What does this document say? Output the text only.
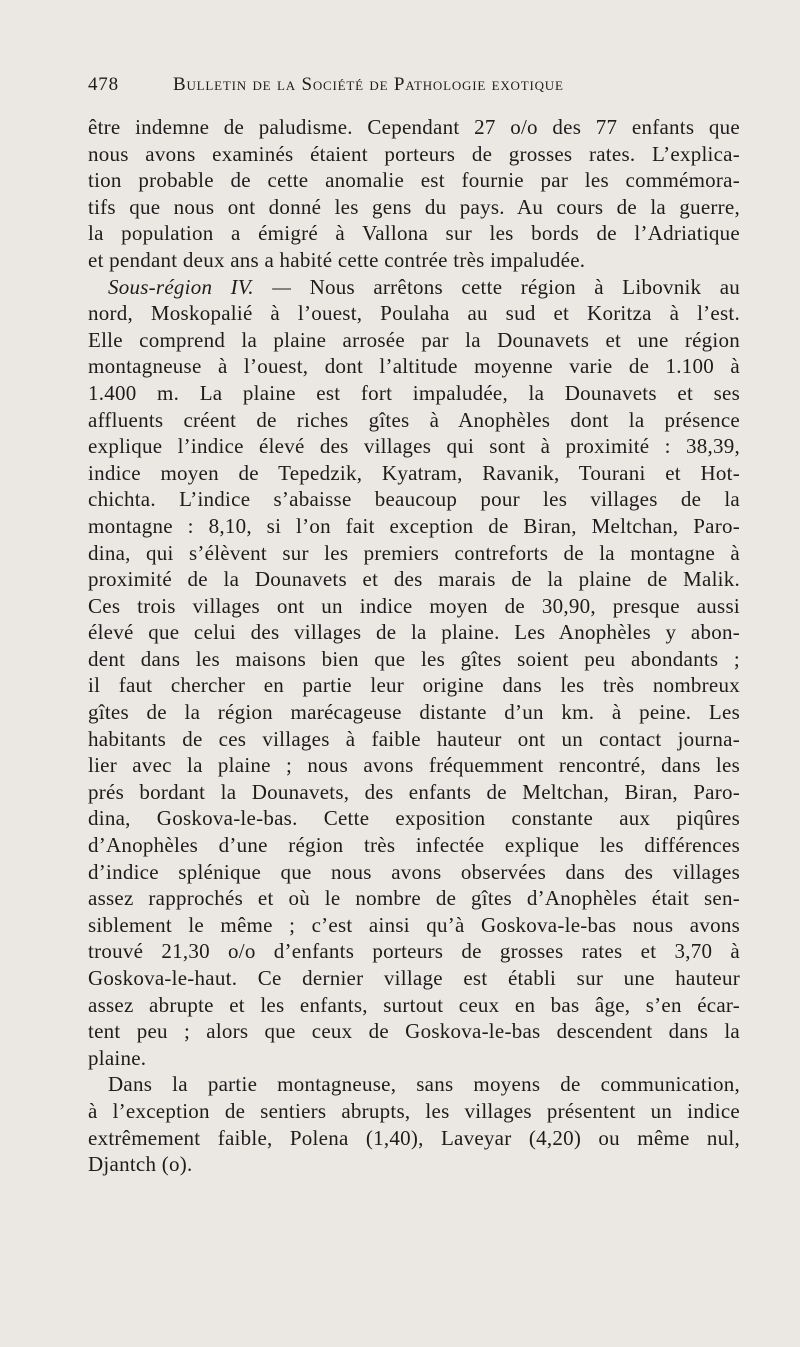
478	Bulletin de la Société de Pathologie exotique
être indemne de paludisme. Cependant 27 o/o des 77 enfants que
nous avons examinés étaient porteurs de grosses rates. L’explica-
tion probable de cette anomalie est fournie par les commémora-
tifs que nous ont donné les gens du pays. Au cours de la guerre,
la population a émigré à Vallona sur les bords de l’Adriatique
et pendant deux ans a habité cette contrée très impaludée.
Sous-région IV. — Nous arrêtons cette région à Libovnik au
nord, Moskopalié à l’ouest, Poulaha au sud et Koritza à l’est.
Elle comprend la plaine arrosée par la Dounavets et une région
montagneuse à l’ouest, dont l’altitude moyenne varie de 1.100 à
1.400 m. La plaine est fort impaludée, la Dounavets et ses
affluents créent de riches gîtes à Anophèles dont la présence
explique l’indice élevé des villages qui sont à proximité : 38,39,
indice moyen de Tepedzik, Kyatram, Ravanik, Tourani et Hot-
chichta. L’indice s’abaisse beaucoup pour les villages de la
montagne : 8,10, si l’on fait exception de Biran, Meltchan, Paro-
dina, qui s’élèvent sur les premiers contreforts de la montagne à
proximité de la Dounavets et des marais de la plaine de Malik.
Ces trois villages ont un indice moyen de 30,90, presque aussi
élevé que celui des villages de la plaine. Les Anophèles y abon-
dent dans les maisons bien que les gîtes soient peu abondants ;
il faut chercher en partie leur origine dans les très nombreux
gîtes de la région marécageuse distante d’un km. à peine. Les
habitants de ces villages à faible hauteur ont un contact journa-
lier avec la plaine ; nous avons fréquemment rencontré, dans les
prés bordant la Dounavets, des enfants de Meltchan, Biran, Paro-
dina, Goskova-le-bas. Cette exposition constante aux piqûres
d’Anophèles d’une région très infectée explique les différences
d’indice splénique que nous avons observées dans des villages
assez rapprochés et où le nombre de gîtes d’Anophèles était sen-
siblement le même ; c’est ainsi qu’à Goskova-le-bas nous avons
trouvé 21,30 o/o d’enfants porteurs de grosses rates et 3,70 à
Goskova-le-haut. Ce dernier village est établi sur une hauteur
assez abrupte et les enfants, surtout ceux en bas âge, s’en écar-
tent peu ; alors que ceux de Goskova-le-bas descendent dans la
plaine.
Dans la partie montagneuse, sans moyens de communication,
à l’exception de sentiers abrupts, les villages présentent un indice
extrêmement faible, Polena (1,40), Laveyar (4,20) ou même nul,
Djantch (o).
